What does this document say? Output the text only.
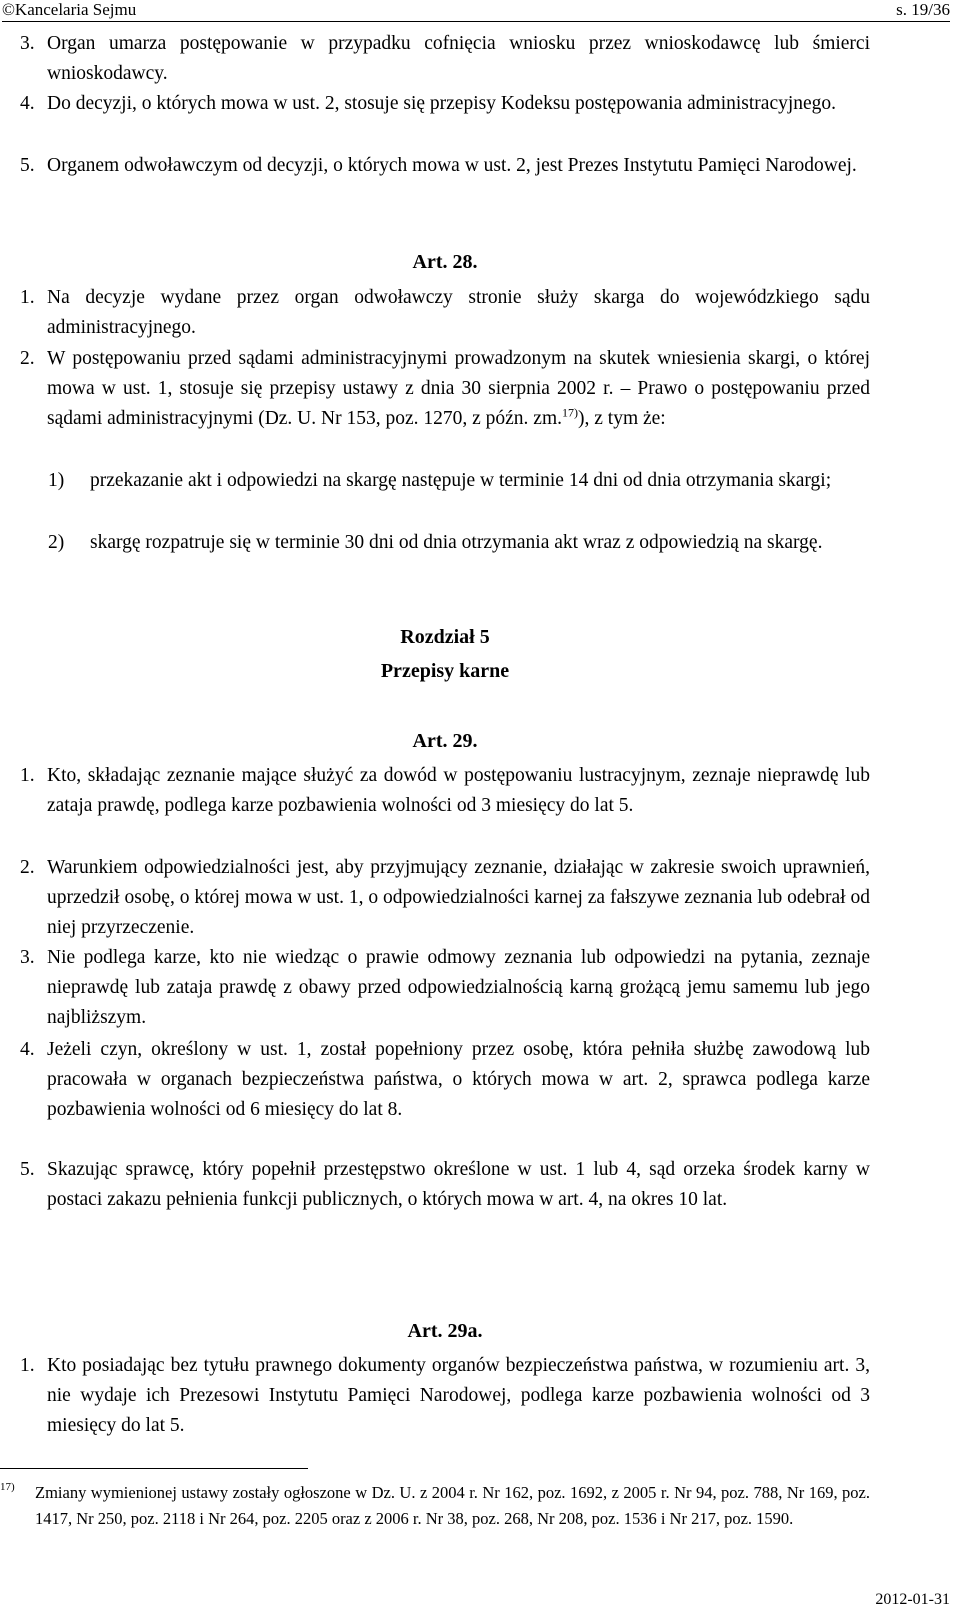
©Kancelaria Sejmu	s. 19/36
3. Organ umarza postępowanie w przypadku cofnięcia wniosku przez wnioskodawcę lub śmierci wnioskodawcy.
4. Do decyzji, o których mowa w ust. 2, stosuje się przepisy Kodeksu postępowania administracyjnego.
5. Organem odwoławczym od decyzji, o których mowa w ust. 2, jest Prezes Instytutu Pamięci Narodowej.
Art. 28.
1. Na decyzje wydane przez organ odwoławczy stronie służy skarga do wojewódzkiego sądu administracyjnego.
2. W postępowaniu przed sądami administracyjnymi prowadzonym na skutek wniesienia skargi, o której mowa w ust. 1, stosuje się przepisy ustawy z dnia 30 sierpnia 2002 r. – Prawo o postępowaniu przed sądami administracyjnymi (Dz. U. Nr 153, poz. 1270, z późn. zm.$^{17)}$), z tym że:
1) przekazanie akt i odpowiedzi na skargę następuje w terminie 14 dni od dnia otrzymania skargi;
2) skargę rozpatruje się w terminie 30 dni od dnia otrzymania akt wraz z odpowiedzią na skargę.
Rozdział 5
Przepisy karne
Art. 29.
1. Kto, składając zeznanie mające służyć za dowód w postępowaniu lustracyjnym, zeznaje nieprawdę lub zataja prawdę, podlega karze pozbawienia wolności od 3 miesięcy do lat 5.
2. Warunkiem odpowiedzialności jest, aby przyjmujący zeznanie, działając w zakresie swoich uprawnień, uprzedził osobę, o której mowa w ust. 1, o odpowiedzialności karnej za fałszywe zeznania lub odebrał od niej przyrzeczenie.
3. Nie podlega karze, kto nie wiedząc o prawie odmowy zeznania lub odpowiedzi na pytania, zeznaje nieprawdę lub zataja prawdę z obawy przed odpowiedzialnością karną grożącą jemu samemu lub jego najbliższym.
4. Jeżeli czyn, określony w ust. 1, został popełniony przez osobę, która pełniła służbę zawodową lub pracowała w organach bezpieczeństwa państwa, o których mowa w art. 2, sprawca podlega karze pozbawienia wolności od 6 miesięcy do lat 8.
5. Skazując sprawcę, który popełnił przestępstwo określone w ust. 1 lub 4, sąd orzeka środek karny w postaci zakazu pełnienia funkcji publicznych, o których mowa w art. 4, na okres 10 lat.
Art. 29a.
1. Kto posiadając bez tytułu prawnego dokumenty organów bezpieczeństwa państwa, w rozumieniu art. 3, nie wydaje ich Prezesowi Instytutu Pamięci Narodowej, podlega karze pozbawienia wolności od 3 miesięcy do lat 5.
17) Zmiany wymienionej ustawy zostały ogłoszone w Dz. U. z 2004 r. Nr 162, poz. 1692, z 2005 r. Nr 94, poz. 788, Nr 169, poz. 1417, Nr 250, poz. 2118 i Nr 264, poz. 2205 oraz z 2006 r. Nr 38, poz. 268, Nr 208, poz. 1536 i Nr 217, poz. 1590.
2012-01-31
